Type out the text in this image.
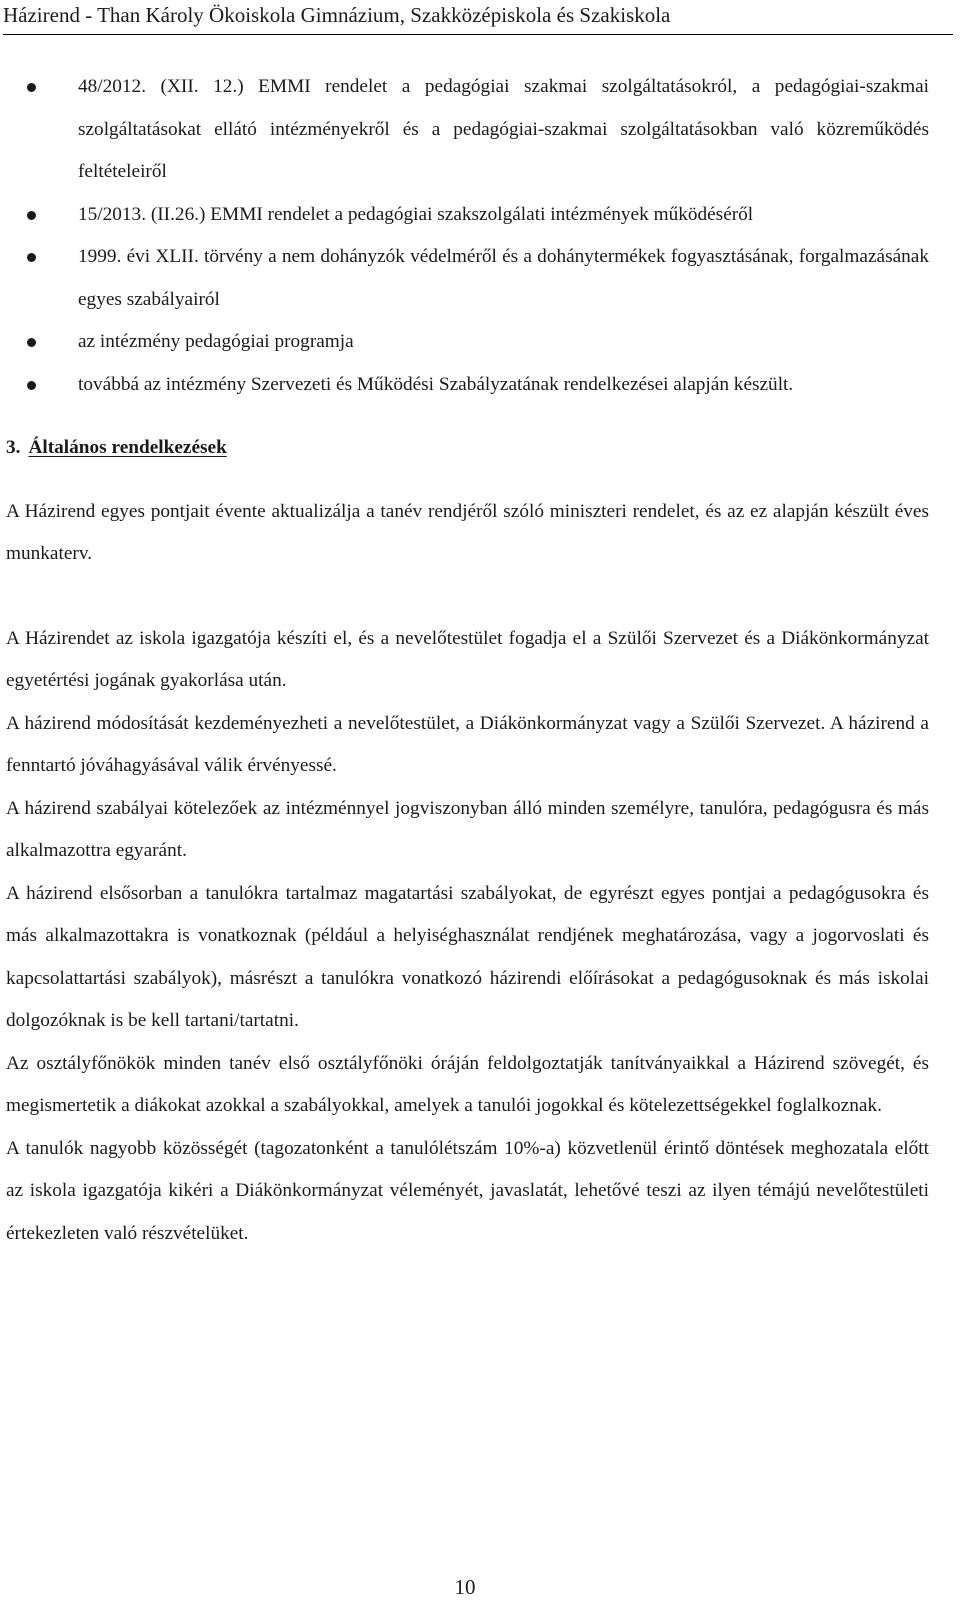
Házirend - Than Károly Ökoiskola Gimnázium, Szakközépiskola és Szakiskola
48/2012. (XII. 12.) EMMI rendelet a pedagógiai szakmai szolgáltatásokról, a pedagógiai-szakmai szolgáltatásokat ellátó intézményekről és a pedagógiai-szakmai szolgáltatásokban való közreműködés feltételeiről
15/2013. (II.26.) EMMI rendelet a pedagógiai szakszolgálati intézmények működéséről
1999. évi XLII. törvény a nem dohányzók védelméről és a dohánytermékek fogyasztásának, forgalmazásának egyes szabályairól
az intézmény pedagógiai programja
továbbá az intézmény Szervezeti és Működési Szabályzatának rendelkezései alapján készült.
3. Általános rendelkezések

A Házirend egyes pontjait évente aktualizálja a tanév rendjéről szóló miniszteri rendelet, és az ez alapján készült éves munkaterv.

A Házirendet az iskola igazgatója készíti el, és a nevelőtestület fogadja el a Szülői Szervezet és a Diákönkormányzat egyetértési jogának gyakorlása után.

A házirend módosítását kezdeményezheti a nevelőtestület, a Diákönkormányzat vagy a Szülői Szervezet. A házirend a fenntartó jóváhagyásával válik érvényessé.

A házirend szabályai kötelezőek az intézménnyel jogviszonyban álló minden személyre, tanulóra, pedagógusra és más alkalmazottra egyaránt.

A házirend elsősorban a tanulókra tartalmaz magatartási szabályokat, de egyrészt egyes pontjai a pedagógusokra és más alkalmazottakra is vonatkoznak (például a helyiséghasználat rendjének meghatározása, vagy a jogorvoslati és kapcsolattartási szabályok), másrészt a tanulókra vonatkozó házirendi előírásokat a pedagógusoknak és más iskolai dolgozóknak is be kell tartani/tartatni.

Az osztályfőnökök minden tanév első osztályfőnöki óráján feldolgoztatják tanítványaikkal a Házirend szövegét, és megismertetik a diákokat azokkal a szabályokkal, amelyek a tanulói jogokkal és kötelezettségekkel foglalkoznak.

A tanulók nagyobb közösségét (tagozatonként a tanulólétszám 10%-a) közvetlenül érintő döntések meghozatala előtt az iskola igazgatója kikéri a Diákönkormányzat véleményét, javaslatát, lehetővé teszi az ilyen témájú nevelőtestületi értekezleten való részvételüket.

10
